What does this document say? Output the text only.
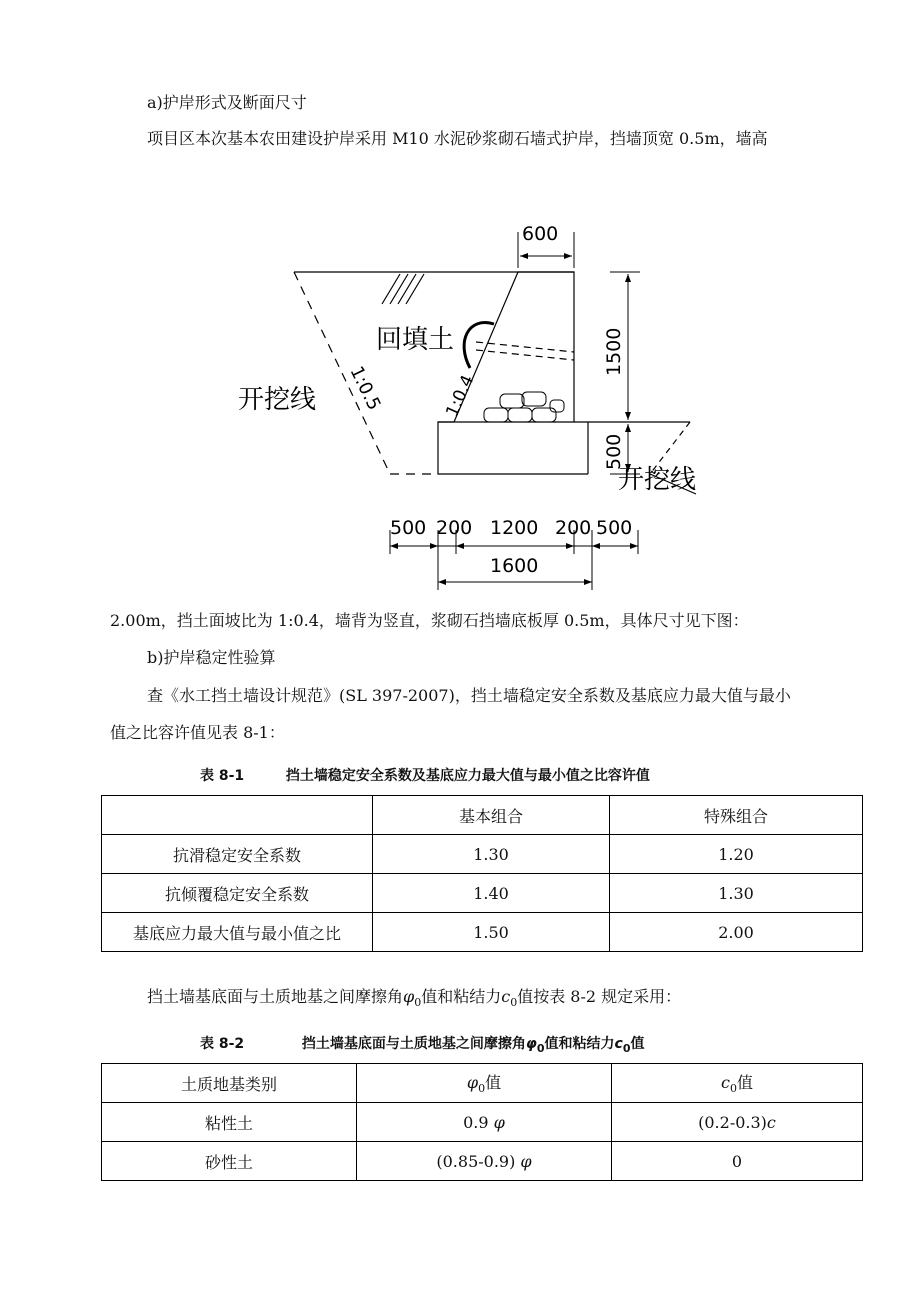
a)护岸形式及断面尺寸
项目区本次基本农田建设护岸采用 M10 水泥砂浆砌石墙式护岸，挡墙顶宽 0.5m，墙高
600
1500
500
回填土
1:0.5	1:0.4
开挖线
开挖线
500 200 1200 200 500
1600
2.00m，挡土面坡比为 1:0.4，墙背为竖直，浆砌石挡墙底板厚 0.5m，具体尺寸见下图：
b)护岸稳定性验算
查《水工挡土墙设计规范》(SL 397-2007)，挡土墙稳定安全系数及基底应力最大值与最小
值之比容许值见表 8-1：
表 8-1	挡土墙稳定安全系数及基底应力最大值与最小值之比容许值
	基本组合	特殊组合
抗滑稳定安全系数	1.30	1.20
抗倾覆稳定安全系数	1.40	1.30
基底应力最大值与最小值之比	1.50	2.00
挡土墙基底面与土质地基之间摩擦角$\varphi_0$值和粘结力$c_0$值按表 8-2 规定采用：
表 8-2	挡土墙基底面与土质地基之间摩擦角$\varphi_0$值和粘结力$c_0$值
土质地基类别	$\varphi_0$值	$c_0$值
粘性土	0.9 φ	(0.2-0.3)c
砂性土	(0.85-0.9) φ	0
